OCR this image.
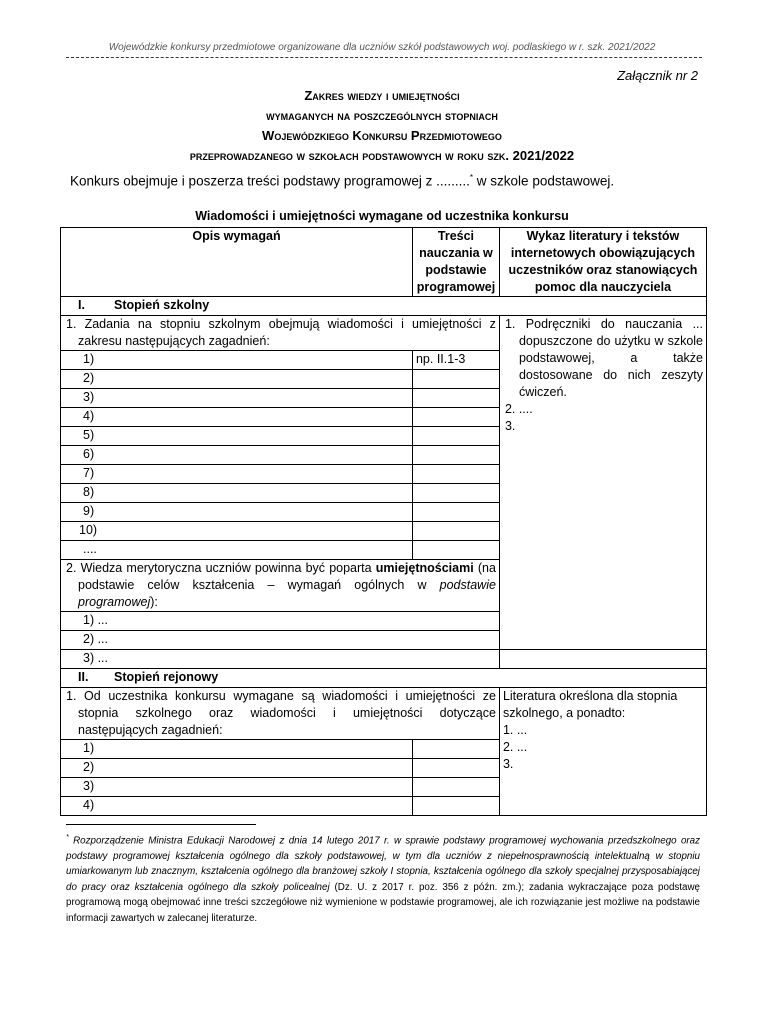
Wojewódzkie konkursy przedmiotowe organizowane dla uczniów szkół podstawowych woj. podlaskiego w r. szk. 2021/2022
Załącznik nr 2
Zakres wiedzy i umiejętności
wymaganych na poszczególnych stopniach
Wojewódzkiego Konkursu Przedmiotowego
przeprowadzanego w szkołach podstawowych w roku szk. 2021/2022
Konkurs obejmuje i poszerza treści podstawy programowej z .........* w szkole podstawowej.
Wiadomości i umiejętności wymagane od uczestnika konkursu
Opis wymagań	Treści nauczania w podstawie programowej	Wykaz literatury i tekstów internetowych obowiązujących uczestników oraz stanowiących pomoc dla nauczyciela
I. Stopień szkolny		

1. Zadania na stopniu szkolnym obejmują wiadomości i umiejętności z zakresu następujących zagadnień:		1. Podręczniki do nauczania ... dopuszczone do użytku w szkole podstawowej, a także dostosowane do nich zeszyty ćwiczeń.
2. ....
3.

1)	np. II.1-3	
2)		
3)		
4)		
5)		
6)		
7)		
8)		
9)		
10)		
....		

2. Wiedza merytoryczna uczniów powinna być poparta umiejętnościami (na podstawie celów kształcenia – wymagań ogólnych w podstawie programowej):		

1) ...		
2) ...		
3) ...		
II. Stopień rejonowy		

1. Od uczestnika konkursu wymagane są wiadomości i umiejętności ze stopnia szkolnego oraz wiadomości i umiejętności dotyczące następujących zagadnień:		Literatura określona dla stopnia szkolnego, a ponadto:
1. ...
2. ...
3.

1)		
2)		
3)		
4)		
* Rozporządzenie Ministra Edukacji Narodowej z dnia 14 lutego 2017 r. w sprawie podstawy programowej wychowania przedszkolnego oraz podstawy programowej kształcenia ogólnego dla szkoły podstawowej, w tym dla uczniów z niepełnosprawnością intelektualną w stopniu umiarkowanym lub znacznym, kształcenia ogólnego dla branżowej szkoły I stopnia, kształcenia ogólnego dla szkoły specjalnej przysposabiającej do pracy oraz kształcenia ogólnego dla szkoły policealnej (Dz. U. z 2017 r. poz. 356 z późn. zm.); zadania wykraczające poza podstawę programową mogą obejmować inne treści szczegółowe niż wymienione w podstawie programowej, ale ich rozwiązanie jest możliwe na podstawie informacji zawartych w zalecanej literaturze.
